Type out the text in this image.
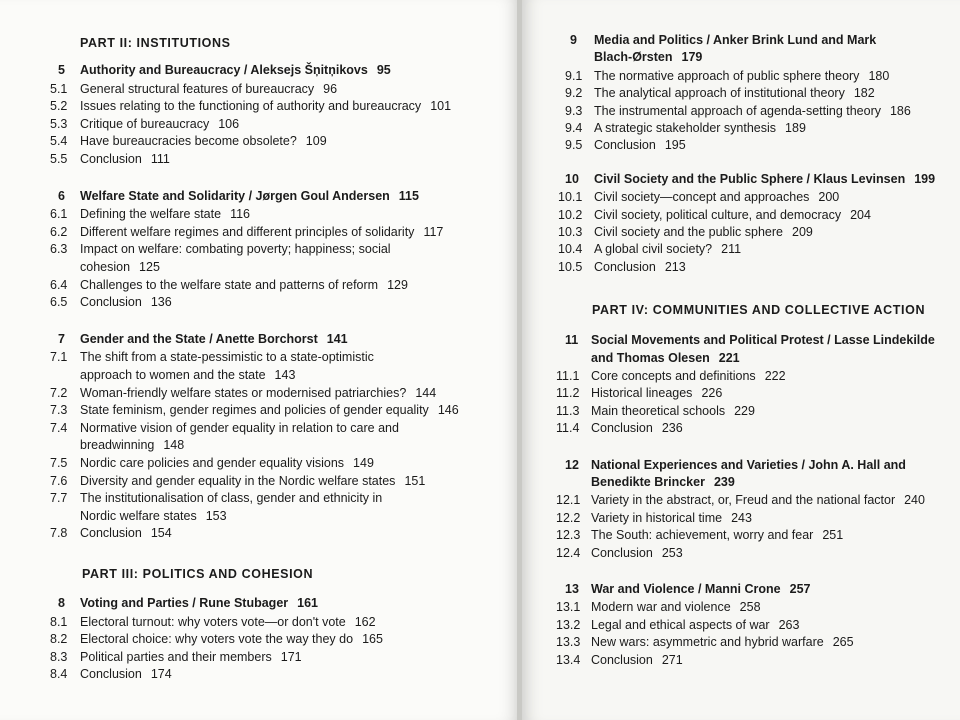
PART II: INSTITUTIONS
5 Authority and Bureaucracy / Aleksejs Šņitņikovs 95
5.1 General structural features of bureaucracy 96
5.2 Issues relating to the functioning of authority and bureaucracy 101
5.3 Critique of bureaucracy 106
5.4 Have bureaucracies become obsolete? 109
5.5 Conclusion 111
6 Welfare State and Solidarity / Jørgen Goul Andersen 115
6.1 Defining the welfare state 116
6.2 Different welfare regimes and different principles of solidarity 117
6.3 Impact on welfare: combating poverty; happiness; social
cohesion 125
6.4 Challenges to the welfare state and patterns of reform 129
6.5 Conclusion 136
7 Gender and the State / Anette Borchorst 141
7.1 The shift from a state-pessimistic to a state-optimistic
approach to women and the state 143
7.2 Woman-friendly welfare states or modernised patriarchies? 144
7.3 State feminism, gender regimes and policies of gender equality 146
7.4 Normative vision of gender equality in relation to care and
breadwinning 148
7.5 Nordic care policies and gender equality visions 149
7.6 Diversity and gender equality in the Nordic welfare states 151
7.7 The institutionalisation of class, gender and ethnicity in
Nordic welfare states 153
7.8 Conclusion 154
PART III: POLITICS AND COHESION
8 Voting and Parties / Rune Stubager 161
8.1 Electoral turnout: why voters vote—or don't vote 162
8.2 Electoral choice: why voters vote the way they do 165
8.3 Political parties and their members 171
8.4 Conclusion 174
9 Media and Politics / Anker Brink Lund and Mark
Blach-Ørsten 179
9.1 The normative approach of public sphere theory 180
9.2 The analytical approach of institutional theory 182
9.3 The instrumental approach of agenda-setting theory 186
9.4 A strategic stakeholder synthesis 189
9.5 Conclusion 195
10 Civil Society and the Public Sphere / Klaus Levinsen 199
10.1 Civil society—concept and approaches 200
10.2 Civil society, political culture, and democracy 204
10.3 Civil society and the public sphere 209
10.4 A global civil society? 211
10.5 Conclusion 213
PART IV: COMMUNITIES AND COLLECTIVE ACTION
11 Social Movements and Political Protest / Lasse Lindekilde
and Thomas Olesen 221
11.1 Core concepts and definitions 222
11.2 Historical lineages 226
11.3 Main theoretical schools 229
11.4 Conclusion 236
12 National Experiences and Varieties / John A. Hall and
Benedikte Brincker 239
12.1 Variety in the abstract, or, Freud and the national factor 240
12.2 Variety in historical time 243
12.3 The South: achievement, worry and fear 251
12.4 Conclusion 253
13 War and Violence / Manni Crone 257
13.1 Modern war and violence 258
13.2 Legal and ethical aspects of war 263
13.3 New wars: asymmetric and hybrid warfare 265
13.4 Conclusion 271
